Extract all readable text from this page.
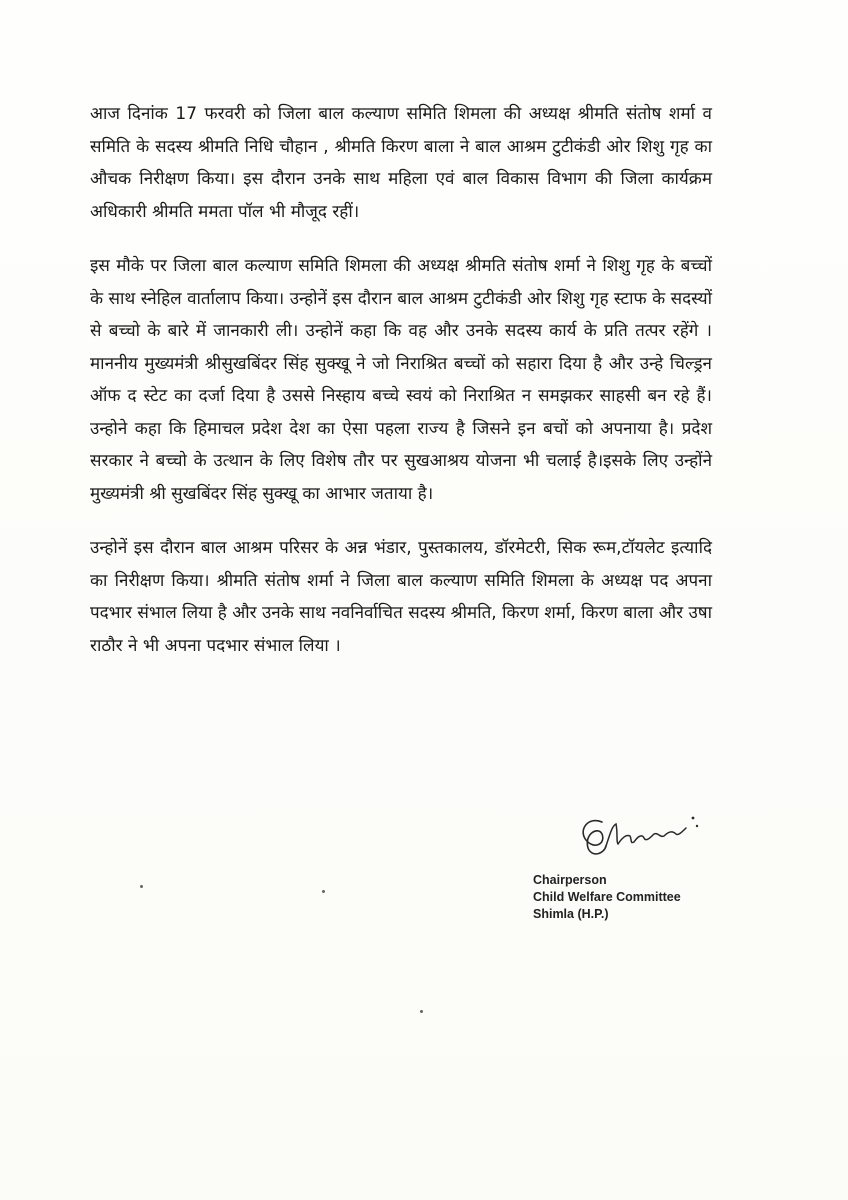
आज दिनांक 17 फरवरी को जिला बाल कल्याण समिति शिमला की अध्यक्ष श्रीमति संतोष शर्मा व समिति के सदस्य श्रीमति निधि चौहान , श्रीमति किरण बाला ने बाल आश्रम टुटीकंडी ओर शिशु गृह का औचक निरीक्षण किया। इस दौरान उनके साथ महिला एवं बाल विकास विभाग की जिला कार्यक्रम अधिकारी श्रीमति ममता पॉल भी मौजूद रहीं।

इस मौके पर जिला बाल कल्याण समिति शिमला की अध्यक्ष श्रीमति संतोष शर्मा ने शिशु गृह के बच्चों के साथ स्नेहिल वार्तालाप किया। उन्होनें इस दौरान बाल आश्रम टुटीकंडी ओर शिशु गृह स्टाफ के सदस्यों से बच्चो के बारे में जानकारी ली। उन्होनें कहा कि वह और उनके सदस्य कार्य के प्रति तत्पर रहेंगे । माननीय मुख्यमंत्री श्रीसुखबिंदर सिंह सुक्खू ने जो निराश्रित बच्चों को सहारा दिया है और उन्हे चिल्ड्रन ऑफ द स्टेट का दर्जा दिया है उससे निस्हाय बच्चे स्वयं को निराश्रित न समझकर साहसी बन रहे हैं। उन्होने कहा कि हिमाचल प्रदेश देश का ऐसा पहला राज्य है जिसने इन बचों को अपनाया है। प्रदेश सरकार ने बच्चो के उत्थान के लिए विशेष तौर पर सुखआश्रय योजना भी चलाई है।इसके लिए उन्होंने मुख्यमंत्री श्री सुखबिंदर सिंह सुक्खू का आभार जताया है।

उन्होनें इस दौरान बाल आश्रम परिसर के अन्न भंडार, पुस्तकालय, डॉरमेटरी, सिक रूम,टॉयलेट इत्यादि का निरीक्षण किया। श्रीमति संतोष शर्मा ने जिला बाल कल्याण समिति शिमला के अध्यक्ष पद अपना पदभार संभाल लिया है और उनके साथ नवनिर्वाचित सदस्य श्रीमति, किरण शर्मा, किरण बाला और उषा राठौर ने भी अपना पदभार संभाल लिया ।

Chairperson
Child Welfare Committee
Shimla (H.P.)
